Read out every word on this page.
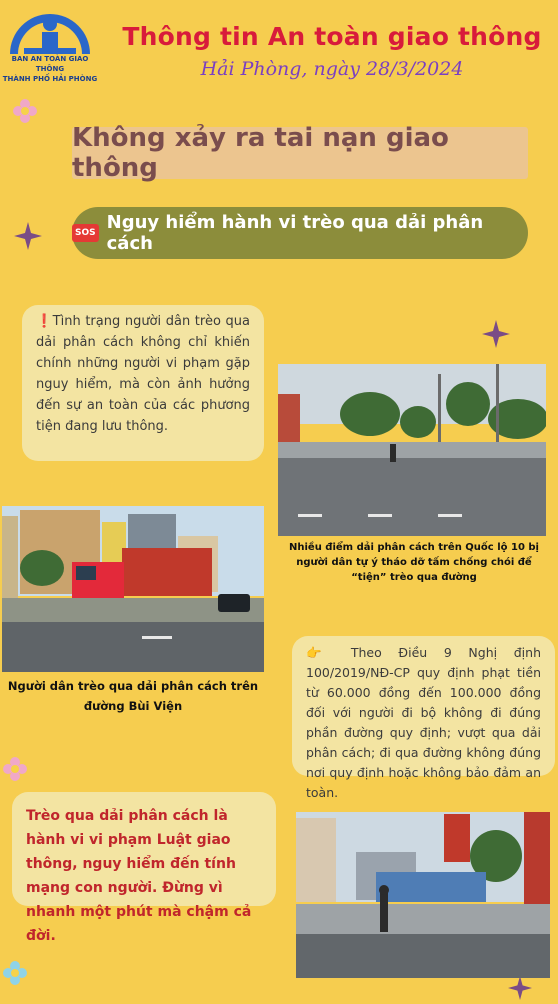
BAN AN TOÀN GIAO THÔNG
THÀNH PHỐ HẢI PHÒNG
Thông tin An toàn giao thông
Hải Phòng, ngày 28/3/2024
Không xảy ra tai nạn giao thông
SOS Nguy hiểm hành vi trèo qua dải phân cách
❗Tình trạng người dân trèo qua dải phân cách không chỉ khiến chính những người vi phạm gặp nguy hiểm, mà còn ảnh hưởng đến sự an toàn của các phương tiện đang lưu thông.
Nhiều điểm dải phân cách trên Quốc lộ 10 bị người dân tự ý tháo dỡ tấm chống chói để “tiện” trèo qua đường
Người dân trèo qua dải phân cách trên đường Bùi Viện
👉 Theo Điều 9 Nghị định 100/2019/NĐ-CP quy định phạt tiền từ 60.000 đồng đến 100.000 đồng đối với người đi bộ không đi đúng phần đường quy định; vượt qua dải phân cách; đi qua đường không đúng nơi quy định hoặc không bảo đảm an toàn.
Trèo qua dải phân cách là hành vi vi phạm Luật giao thông, nguy hiểm đến tính mạng con người. Đừng vì nhanh một phút mà chậm cả đời.
